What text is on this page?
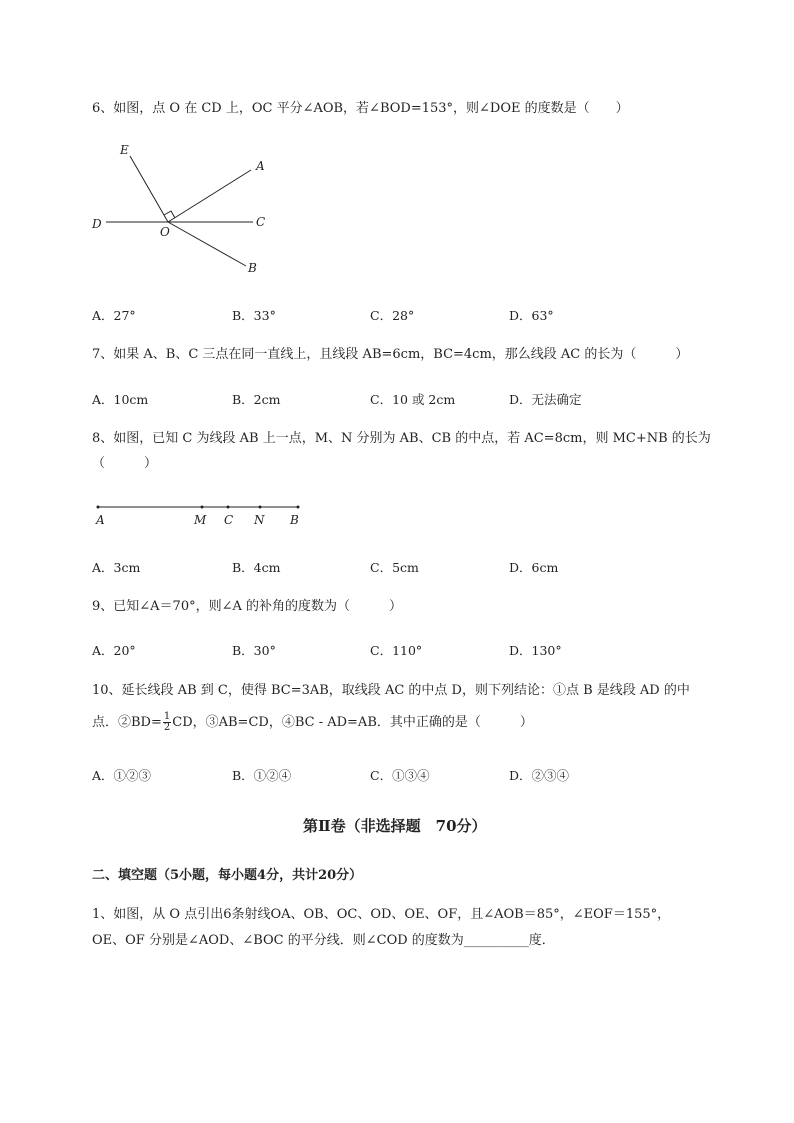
6、如图，点 O 在 CD 上，OC 平分∠AOB，若∠BOD=153°，则∠DOE 的度数是（　　）
E
A
D
O
C
B
A．27°	B．33°	C．28°	D．63°
7、如果 A、B、C 三点在同一直线上，且线段 AB=6cm，BC=4cm，那么线段 AC 的长为（　　　）
A．10cm	B．2cm	C．10 或 2cm	D．无法确定
8、如图，已知 C 为线段 AB 上一点，M、N 分别为 AB、CB 的中点，若 AC=8cm，则 MC+NB 的长为
（　　　）
A	M C N B
A．3cm	B．4cm	C．5cm	D．6cm
9、已知∠A＝70°，则∠A 的补角的度数为（　　　）
A．20°	B．30°	C．110°	D．130°
10、延长线段 AB 到 C，使得 BC=3AB，取线段 AC 的中点 D，则下列结论：①点 B 是线段 AD 的中
点．②BD= $\frac{1}{2}$ CD，③AB=CD，④BC - AD=AB．其中正确的是（　　　）
A．①②③	B．①②④	C．①③④	D．②③④
第Ⅱ卷（非选择题　70分）
二、填空题（5小题，每小题4分，共计20分）
1、如图，从 O 点引出6条射线OA、OB、OC、OD、OE、OF，且∠AOB＝85°，∠EOF＝155°，
OE、OF 分别是∠AOD、∠BOC 的平分线．则∠COD 的度数为__________度．
